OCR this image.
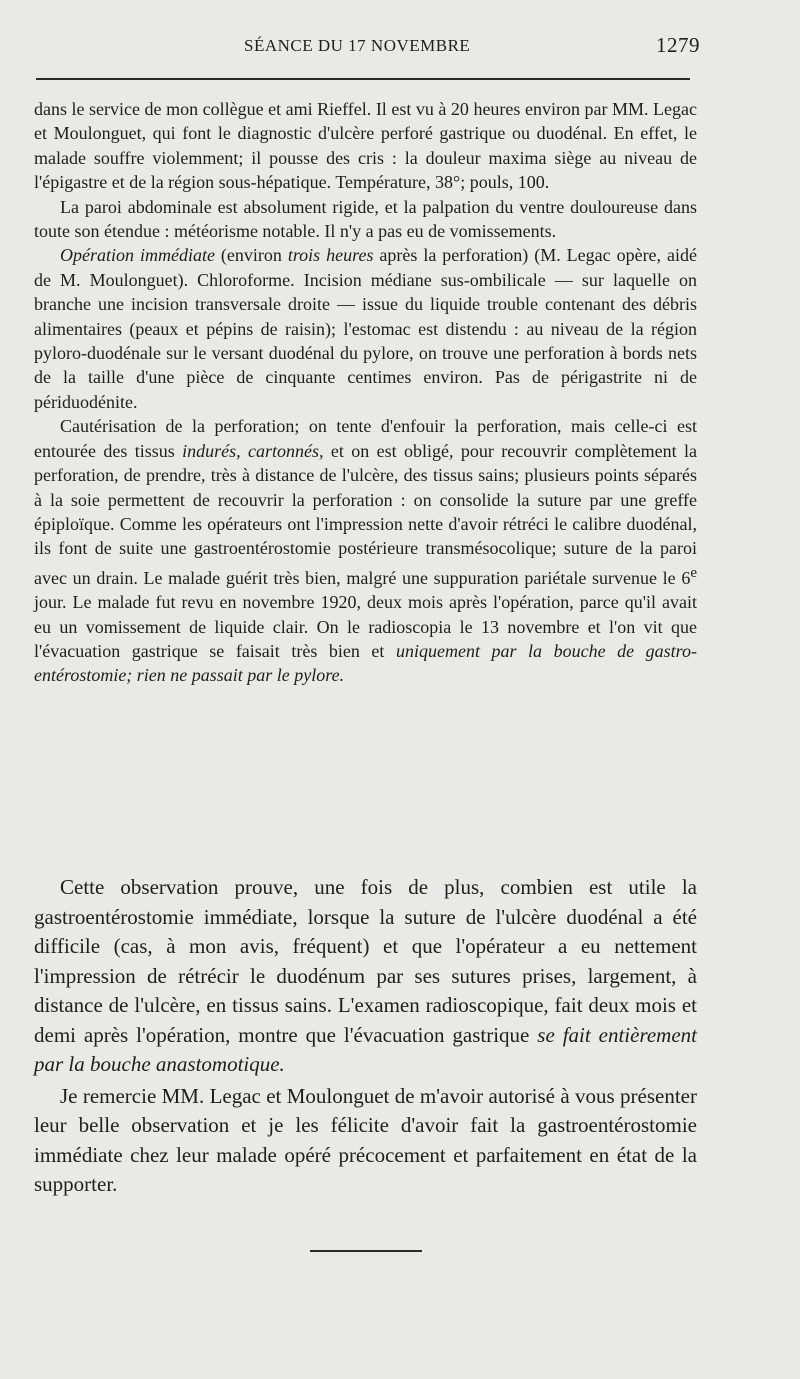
SÉANCE DU 17 NOVEMBRE	1279

dans le service de mon collègue et ami Rieffel. Il est vu à 20 heures environ par MM. Legac et Moulonguet, qui font le diagnostic d'ulcère perforé gastrique ou duodénal. En effet, le malade souffre violemment; il pousse des cris : la douleur maxima siège au niveau de l'épigastre et de la région sous-hépatique. Température, 38°; pouls, 100.

La paroi abdominale est absolument rigide, et la palpation du ventre douloureuse dans toute son étendue : météorisme notable. Il n'y a pas eu de vomissements.

Opération immédiate (environ trois heures après la perforation) (M. Legac opère, aidé de M. Moulonguet). Chloroforme. Incision médiane sus-ombilicale — sur laquelle on branche une incision transversale droite — issue du liquide trouble contenant des débris alimentaires (peaux et pépins de raisin); l'estomac est distendu : au niveau de la région pyloro-duodénale sur le versant duodénal du pylore, on trouve une perforation à bords nets de la taille d'une pièce de cinquante centimes environ. Pas de périgastrite ni de périduodénite.

Cautérisation de la perforation; on tente d'enfouir la perforation, mais celle-ci est entourée des tissus indurés, cartonnés, et on est obligé, pour recouvrir complètement la perforation, de prendre, très à distance de l'ulcère, des tissus sains; plusieurs points séparés à la soie permettent de recouvrir la perforation : on consolide la suture par une greffe épiploïque. Comme les opérateurs ont l'impression nette d'avoir rétréci le calibre duodénal, ils font de suite une gastroentérostomie postérieure transmésocolique; suture de la paroi avec un drain. Le malade guérit très bien, malgré une suppuration pariétale survenue le 6e jour. Le malade fut revu en novembre 1920, deux mois après l'opération, parce qu'il avait eu un vomissement de liquide clair. On le radioscopia le 13 novembre et l'on vit que l'évacuation gastrique se faisait très bien et uniquement par la bouche de gastro-entérostomie; rien ne passait par le pylore.

Cette observation prouve, une fois de plus, combien est utile la gastroentérostomie immédiate, lorsque la suture de l'ulcère duodénal a été difficile (cas, à mon avis, fréquent) et que l'opérateur a eu nettement l'impression de rétrécir le duodénum par ses sutures prises, largement, à distance de l'ulcère, en tissus sains. L'examen radioscopique, fait deux mois et demi après l'opération, montre que l'évacuation gastrique se fait entièrement par la bouche anastomotique.

Je remercie MM. Legac et Moulonguet de m'avoir autorisé à vous présenter leur belle observation et je les félicite d'avoir fait la gastroentérostomie immédiate chez leur malade opéré précocement et parfaitement en état de la supporter.
